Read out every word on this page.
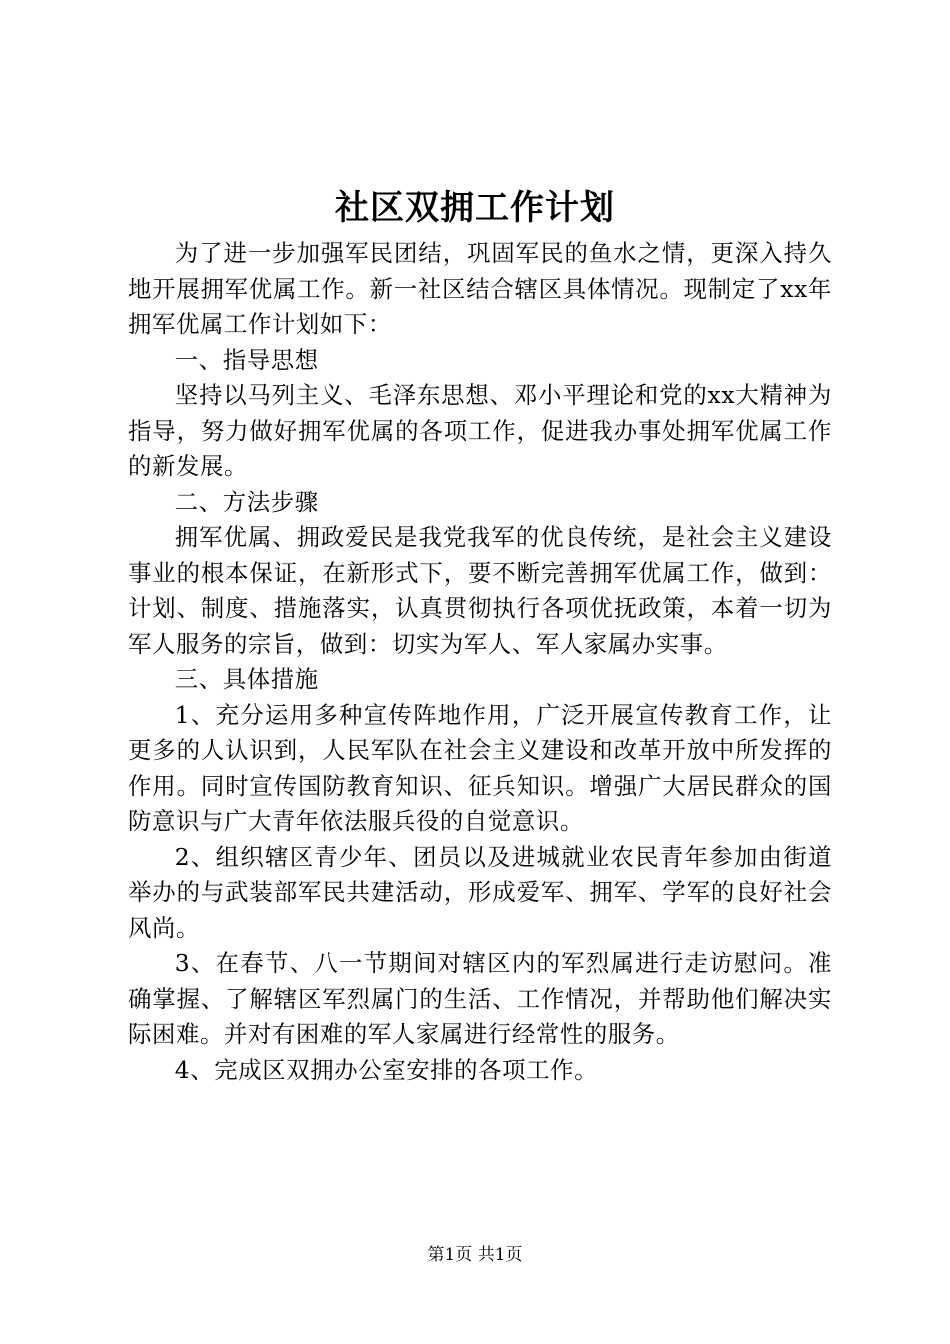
社区双拥工作计划

为了进一步加强军民团结，巩固军民的鱼水之情，更深入持久地开展拥军优属工作。新一社区结合辖区具体情况。现制定了xx年拥军优属工作计划如下：

一、指导思想

坚持以马列主义、毛泽东思想、邓小平理论和党的xx大精神为指导，努力做好拥军优属的各项工作，促进我办事处拥军优属工作的新发展。

二、方法步骤

拥军优属、拥政爱民是我党我军的优良传统，是社会主义建设事业的根本保证，在新形式下，要不断完善拥军优属工作，做到：计划、制度、措施落实，认真贯彻执行各项优抚政策，本着一切为军人服务的宗旨，做到：切实为军人、军人家属办实事。

三、具体措施

1、充分运用多种宣传阵地作用，广泛开展宣传教育工作，让更多的人认识到，人民军队在社会主义建设和改革开放中所发挥的作用。同时宣传国防教育知识、征兵知识。增强广大居民群众的国防意识与广大青年依法服兵役的自觉意识。

2、组织辖区青少年、团员以及进城就业农民青年参加由街道举办的与武装部军民共建活动，形成爱军、拥军、学军的良好社会风尚。

3、在春节、八一节期间对辖区内的军烈属进行走访慰问。准确掌握、了解辖区军烈属门的生活、工作情况，并帮助他们解决实际困难。并对有困难的军人家属进行经常性的服务。

4、完成区双拥办公室安排的各项工作。

第1页 共1页
